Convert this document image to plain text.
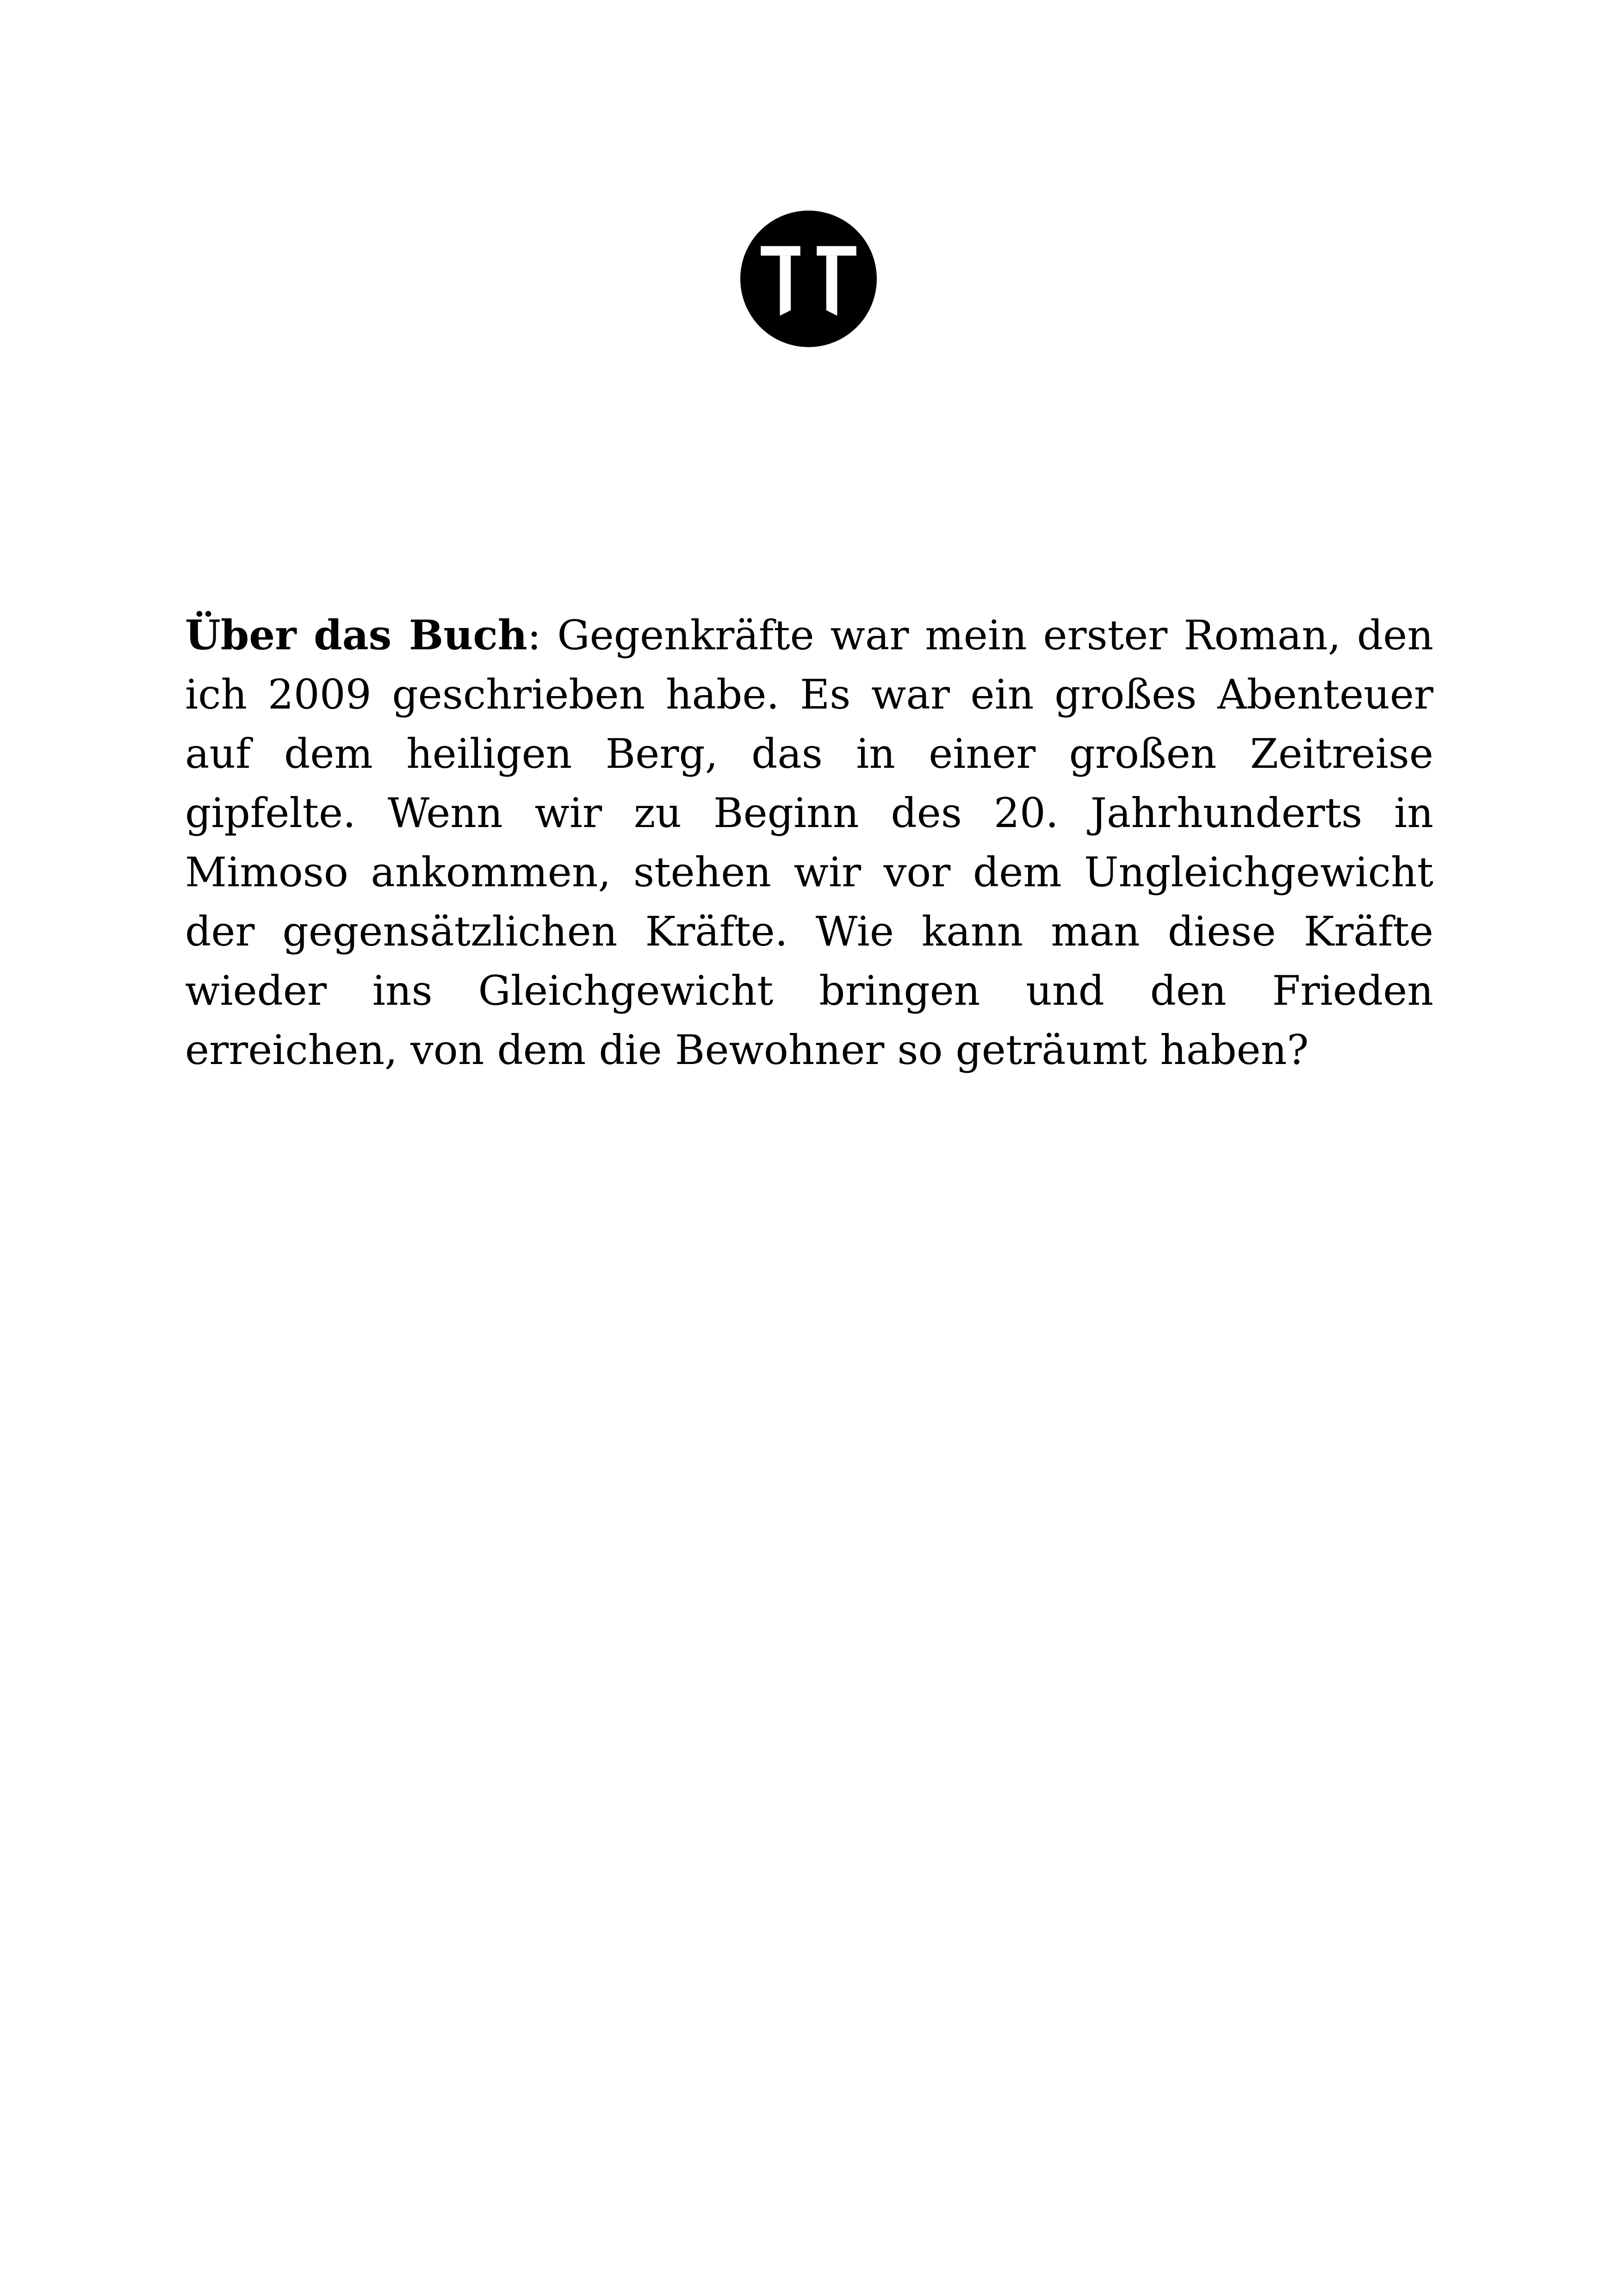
Über das Buch: Gegenkräfte war mein erster Roman, den ich 2009 geschrieben habe. Es war ein großes Abenteuer auf dem heiligen Berg, das in einer großen Zeitreise gipfelte. Wenn wir zu Beginn des 20. Jahrhunderts in Mimoso ankommen, stehen wir vor dem Ungleichgewicht der gegensätzlichen Kräfte. Wie kann man diese Kräfte wieder ins Gleichgewicht bringen und den Frieden erreichen, von dem die Bewohner so geträumt haben?
